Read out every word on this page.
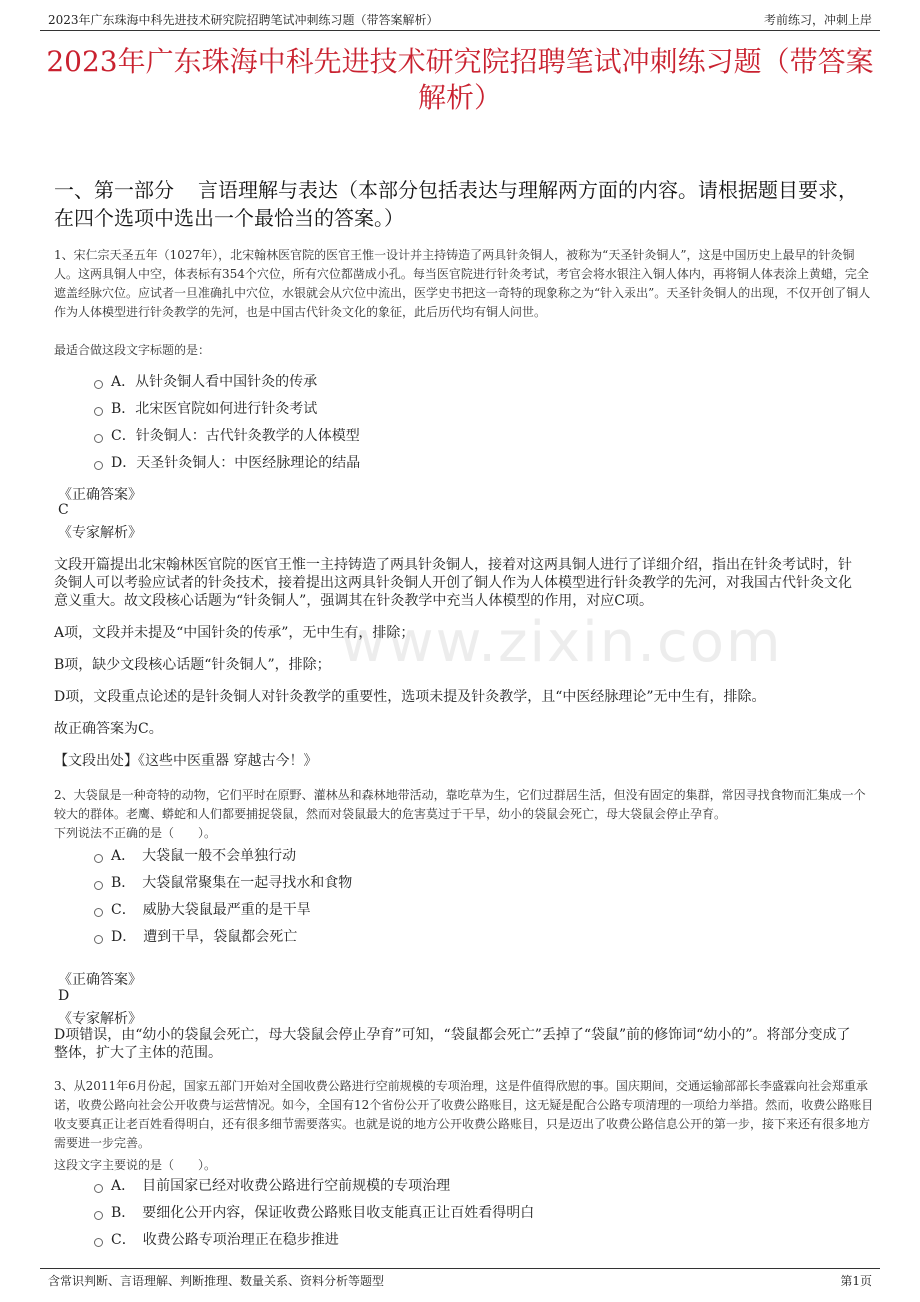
2023年广东珠海中科先进技术研究院招聘笔试冲刺练习题（带答案解析）	考前练习，冲刺上岸
2023年广东珠海中科先进技术研究院招聘笔试冲刺练习题（带答案解析）
一、第一部分 言语理解与表达（本部分包括表达与理解两方面的内容。请根据题目要求，在四个选项中选出一个最恰当的答案。）
www.zixin.com
1、宋仁宗天圣五年（1027年），北宋翰林医官院的医官王惟一设计并主持铸造了两具针灸铜人，被称为“天圣针灸铜人”，这是中国历史上最早的针灸铜人。这两具铜人中空，体表标有354个穴位，所有穴位都凿成小孔。每当医官院进行针灸考试，考官会将水银注入铜人体内，再将铜人体表涂上黄蜡，完全遮盖经脉穴位。应试者一旦准确扎中穴位，水银就会从穴位中流出，医学史书把这一奇特的现象称之为“针入汞出”。天圣针灸铜人的出现，不仅开创了铜人作为人体模型进行针灸教学的先河，也是中国古代针灸文化的象征，此后历代均有铜人问世。
最适合做这段文字标题的是：
A．从针灸铜人看中国针灸的传承
B．北宋医官院如何进行针灸考试
C．针灸铜人：古代针灸教学的人体模型
D．天圣针灸铜人：中医经脉理论的结晶
《正确答案》
C
《专家解析》
文段开篇提出北宋翰林医官院的医官王惟一主持铸造了两具针灸铜人，接着对这两具铜人进行了详细介绍，指出在针灸考试时，针灸铜人可以考验应试者的针灸技术，接着提出这两具针灸铜人开创了铜人作为人体模型进行针灸教学的先河，对我国古代针灸文化意义重大。故文段核心话题为“针灸铜人”，强调其在针灸教学中充当人体模型的作用，对应C项。
A项，文段并未提及“中国针灸的传承”，无中生有，排除；
B项，缺少文段核心话题“针灸铜人”，排除；
D项，文段重点论述的是针灸铜人对针灸教学的重要性，选项未提及针灸教学，且“中医经脉理论”无中生有，排除。
故正确答案为C。
【文段出处】《这些中医重器 穿越古今！》
2、大袋鼠是一种奇特的动物，它们平时在原野、灌林丛和森林地带活动，靠吃草为生，它们过群居生活，但没有固定的集群，常因寻找食物而汇集成一个较大的群体。老鹰、蟒蛇和人们都要捕捉袋鼠，然而对袋鼠最大的危害莫过于干旱，幼小的袋鼠会死亡，母大袋鼠会停止孕育。
下列说法不正确的是（　　）。
A．　大袋鼠一般不会单独行动
B．　大袋鼠常聚集在一起寻找水和食物
C．　威胁大袋鼠最严重的是干旱
D．　遭到干旱，袋鼠都会死亡
《正确答案》
D
《专家解析》
D项错误，由“幼小的袋鼠会死亡，母大袋鼠会停止孕育”可知，“袋鼠都会死亡”丢掉了“袋鼠”前的修饰词“幼小的”。将部分变成了整体，扩大了主体的范围。
3、从2011年6月份起，国家五部门开始对全国收费公路进行空前规模的专项治理，这是件值得欣慰的事。国庆期间，交通运输部部长李盛霖向社会郑重承诺，收费公路向社会公开收费与运营情况。如今，全国有12个省份公开了收费公路账目，这无疑是配合公路专项清理的一项给力举措。然而，收费公路账目收支要真正让老百姓看得明白，还有很多细节需要落实。也就是说的地方公开收费公路账目，只是迈出了收费公路信息公开的第一步，接下来还有很多地方需要进一步完善。
这段文字主要说的是（　　）。
A．　目前国家已经对收费公路进行空前规模的专项治理
B．　要细化公开内容，保证收费公路账目收支能真正让百姓看得明白
C．　收费公路专项治理正在稳步推进
含常识判断、言语理解、判断推理、数量关系、资料分析等题型	第1页
